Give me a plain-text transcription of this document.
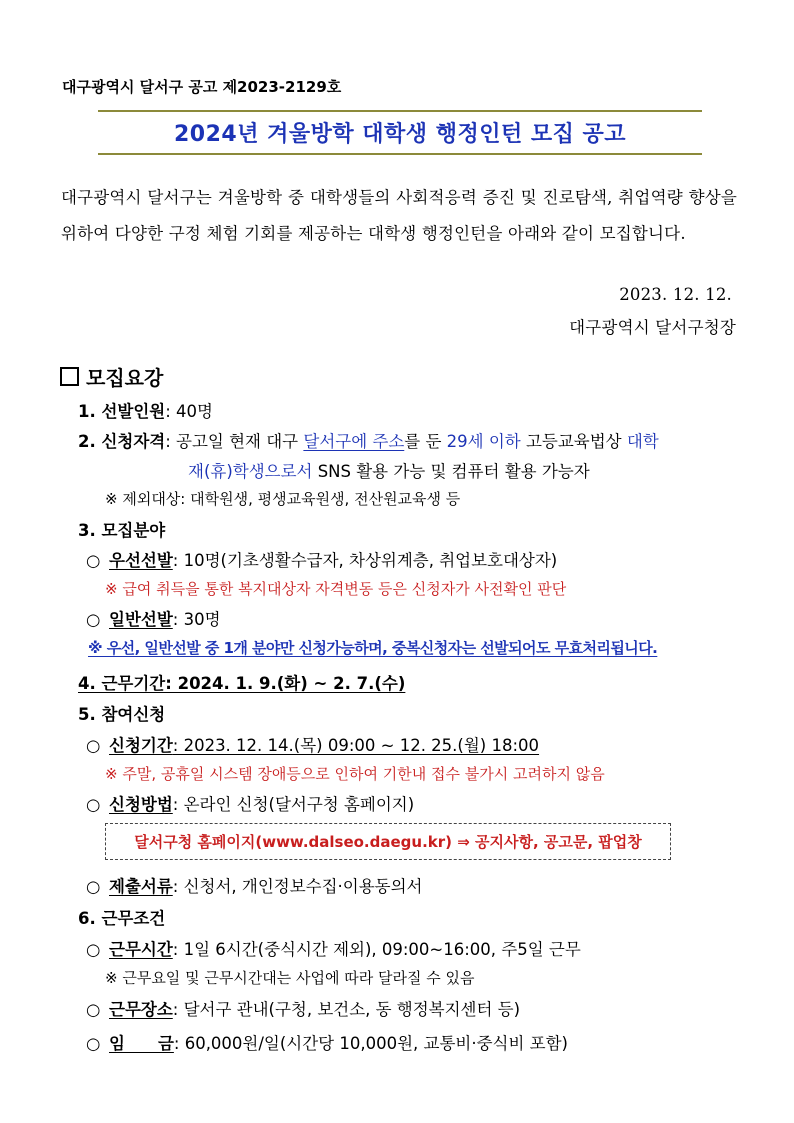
대구광역시 달서구 공고 제2023-2129호
2024년 겨울방학 대학생 행정인턴 모집 공고
대구광역시 달서구는 겨울방학 중 대학생들의 사회적응력 증진 및 진로탐색, 취업역량 향상을 위하여 다양한 구정 체험 기회를 제공하는 대학생 행정인턴을 아래와 같이 모집합니다.
2023. 12. 12.
대구광역시 달서구청장
모집요강
1. 선발인원: 40명
2. 신청자격: 공고일 현재 대구 달서구에 주소를 둔 29세 이하 고등교육법상 대학
재(휴)학생으로서 SNS 활용 가능 및 컴퓨터 활용 가능자
※ 제외대상: 대학원생, 평생교육원생, 전산원교육생 등
3. 모집분야
○ 우선선발: 10명(기초생활수급자, 차상위계층, 취업보호대상자)
※ 급여 취득을 통한 복지대상자 자격변동 등은 신청자가 사전확인 판단
○ 일반선발: 30명
※ 우선, 일반선발 중 1개 분야만 신청가능하며, 중복신청자는 선발되어도 무효처리됩니다.
4. 근무기간: 2024. 1. 9.(화) ~ 2. 7.(수)
5. 참여신청
○ 신청기간: 2023. 12. 14.(목) 09:00 ~ 12. 25.(월) 18:00
※ 주말, 공휴일 시스템 장애등으로 인하여 기한내 접수 불가시 고려하지 않음
○ 신청방법: 온라인 신청(달서구청 홈페이지)
달서구청 홈페이지(www.dalseo.daegu.kr) ⇒ 공지사항, 공고문, 팝업창
○ 제출서류: 신청서, 개인정보수집·이용동의서
6. 근무조건
○ 근무시간: 1일 6시간(중식시간 제외), 09:00~16:00, 주5일 근무
※ 근무요일 및 근무시간대는 사업에 따라 달라질 수 있음
○ 근무장소: 달서구 관내(구청, 보건소, 동 행정복지센터 등)
○ 임　　금: 60,000원/일(시간당 10,000원, 교통비·중식비 포함)
